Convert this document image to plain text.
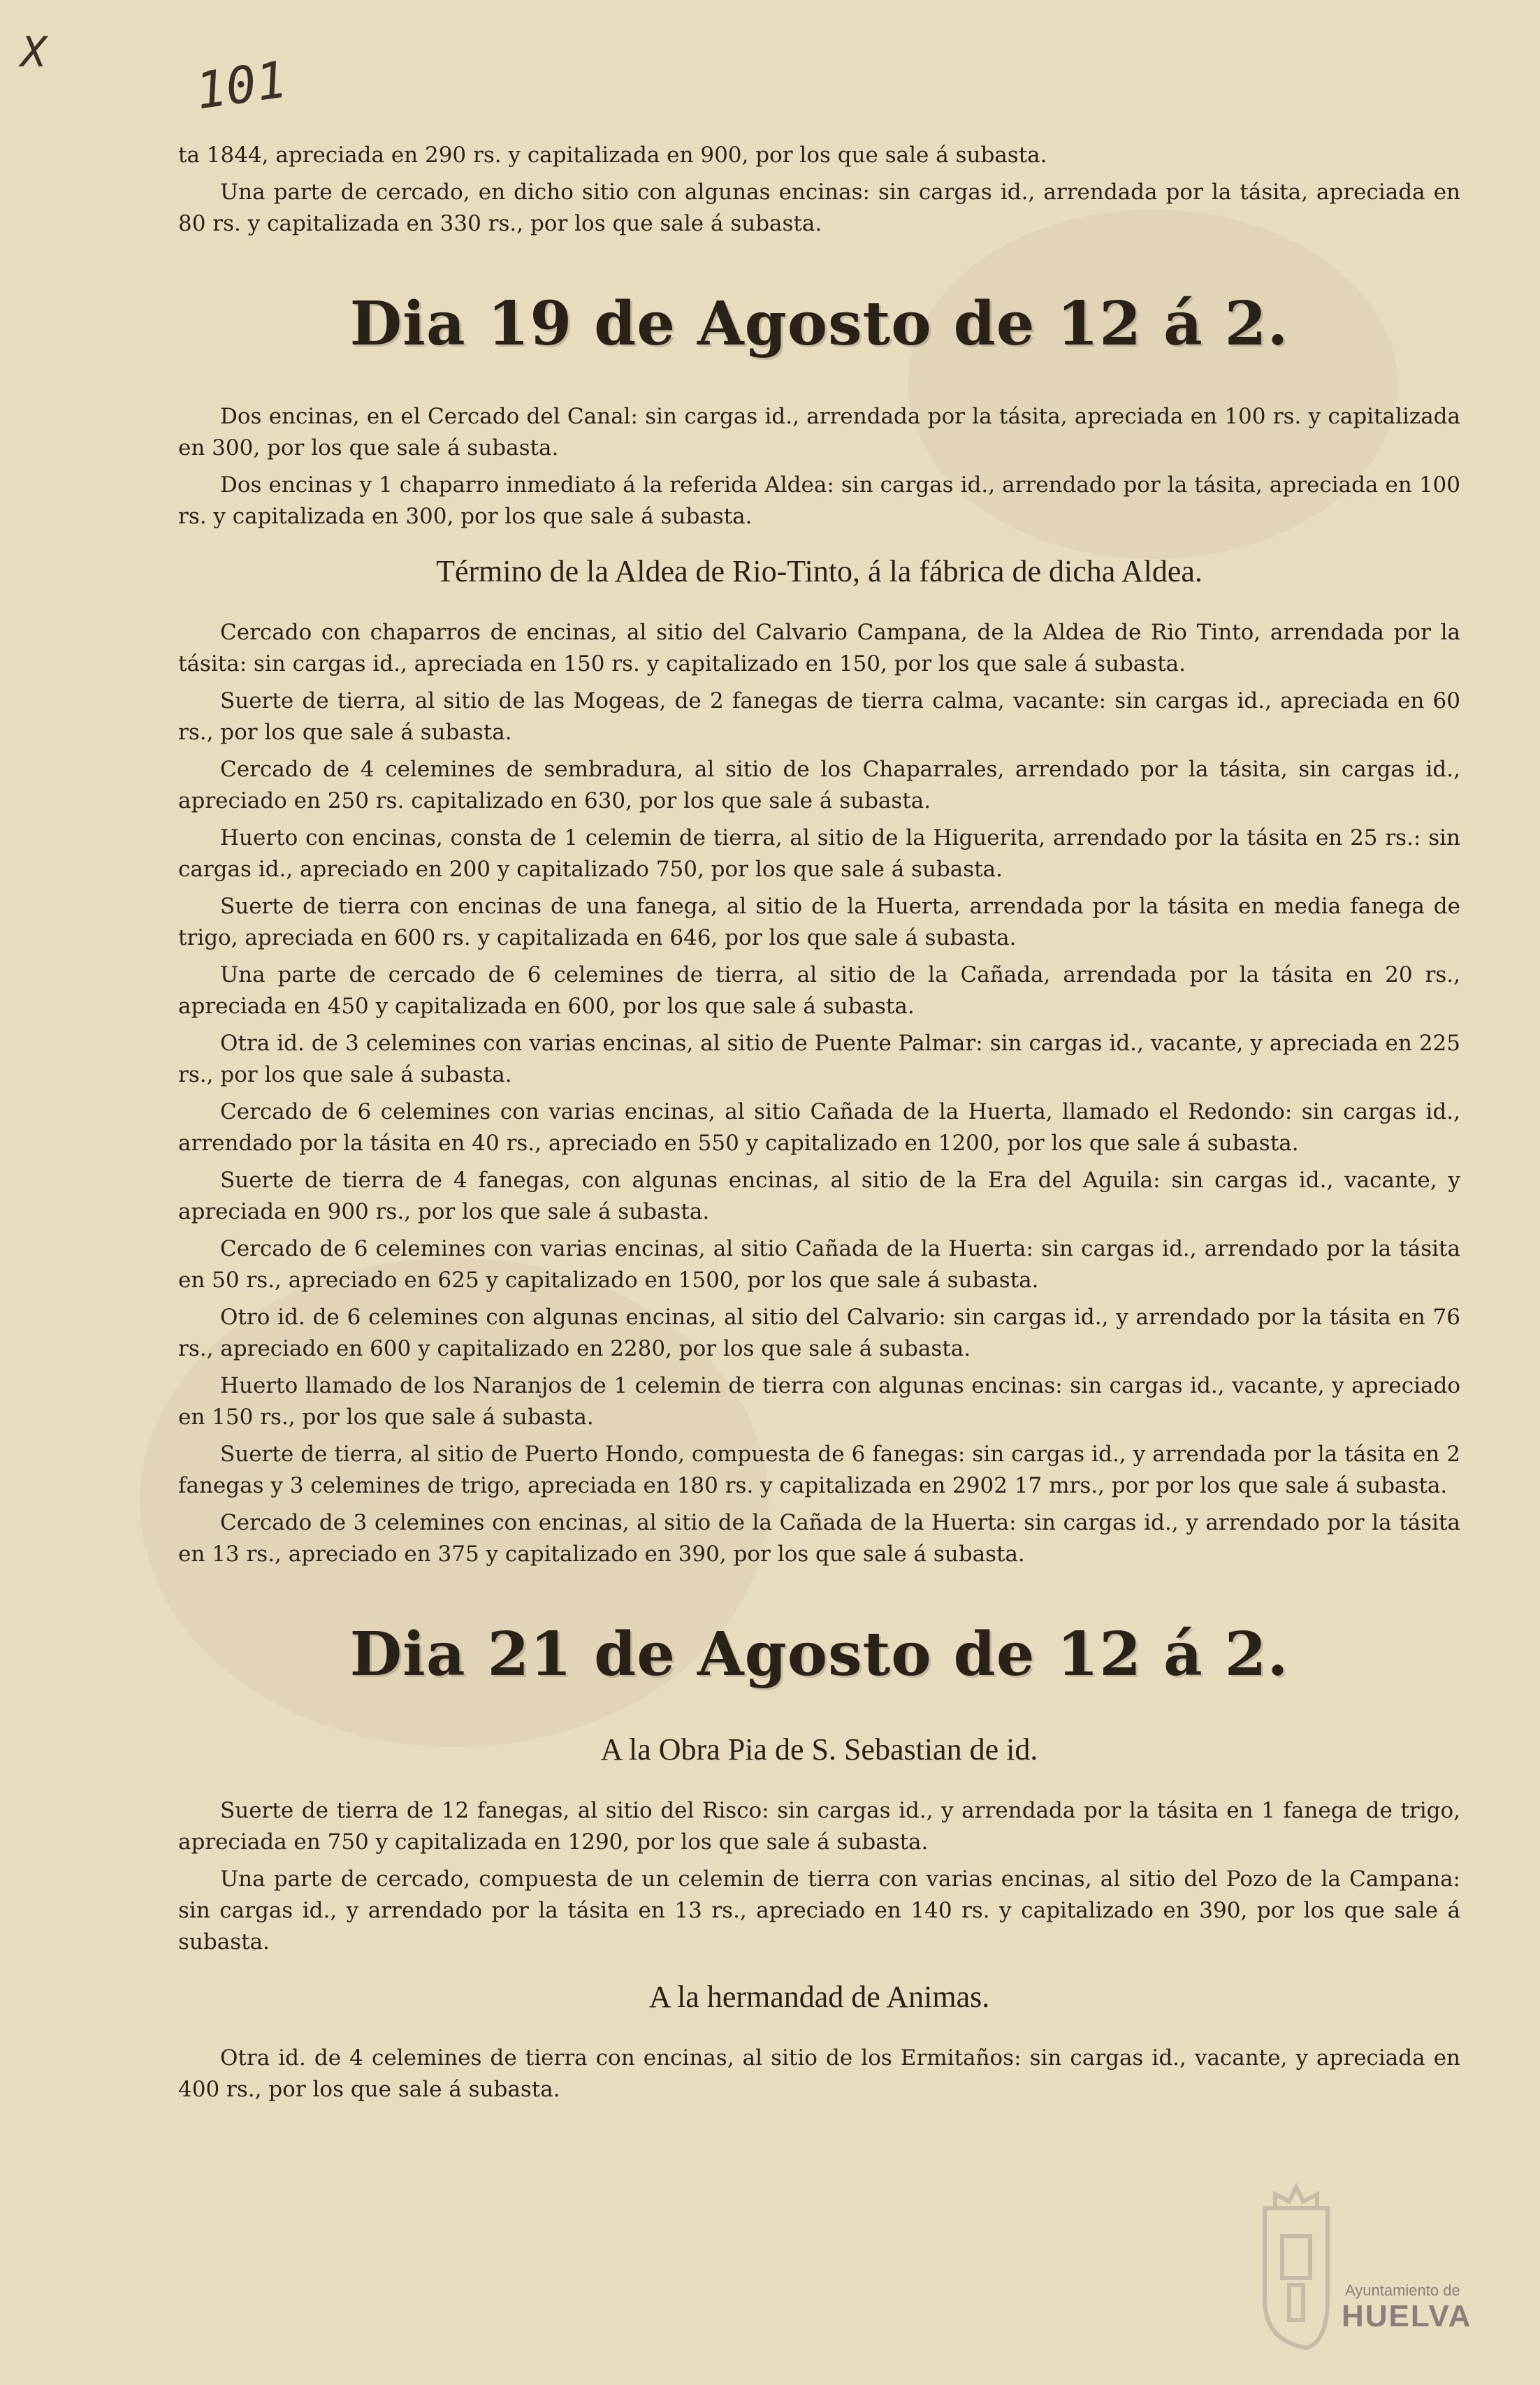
X	101

ta 1844, apreciada en 290 rs. y capitalizada en 900, por los que sale á subasta.

Una parte de cercado, en dicho sitio con algunas encinas: sin cargas id., arrendada por la tásita, apreciada en 80 rs. y capitalizada en 330 rs., por los que sale á subasta.

Dia 19 de Agosto de 12 á 2.

Dos encinas, en el Cercado del Canal: sin cargas id., arrendada por la tásita, apreciada en 100 rs. y capitalizada en 300, por los que sale á subasta.

Dos encinas y 1 chaparro inmediato á la referida Aldea: sin cargas id., arrendado por la tásita, apreciada en 100 rs. y capitalizada en 300, por los que sale á subasta.

Término de la Aldea de Rio-Tinto, á la fábrica de dicha Aldea.

Cercado con chaparros de encinas, al sitio del Calvario Campana, de la Aldea de Rio Tinto, arrendada por la tásita: sin cargas id., apreciada en 150 rs. y capitalizado en 150, por los que sale á subasta.

Suerte de tierra, al sitio de las Mogeas, de 2 fanegas de tierra calma, vacante: sin cargas id., apreciada en 60 rs., por los que sale á subasta.

Cercado de 4 celemines de sembradura, al sitio de los Chaparrales, arrendado por la tásita, sin cargas id., apreciado en 250 rs. capitalizado en 630, por los que sale á subasta.

Huerto con encinas, consta de 1 celemin de tierra, al sitio de la Higuerita, arrendado por la tásita en 25 rs.: sin cargas id., apreciado en 200 y capitalizado 750, por los que sale á subasta.

Suerte de tierra con encinas de una fanega, al sitio de la Huerta, arrendada por la tásita en media fanega de trigo, apreciada en 600 rs. y capitalizada en 646, por los que sale á subasta.

Una parte de cercado de 6 celemines de tierra, al sitio de la Cañada, arrendada por la tásita en 20 rs., apreciada en 450 y capitalizada en 600, por los que sale á subasta.

Otra id. de 3 celemines con varias encinas, al sitio de Puente Palmar: sin cargas id., vacante, y apreciada en 225 rs., por los que sale á subasta.

Cercado de 6 celemines con varias encinas, al sitio Cañada de la Huerta, llamado el Redondo: sin cargas id., arrendado por la tásita en 40 rs., apreciado en 550 y capitalizado en 1200, por los que sale á subasta.

Suerte de tierra de 4 fanegas, con algunas encinas, al sitio de la Era del Aguila: sin cargas id., vacante, y apreciada en 900 rs., por los que sale á subasta.

Cercado de 6 celemines con varias encinas, al sitio Cañada de la Huerta: sin cargas id., arrendado por la tásita en 50 rs., apreciado en 625 y capitalizado en 1500, por los que sale á subasta.

Otro id. de 6 celemines con algunas encinas, al sitio del Calvario: sin cargas id., y arrendado por la tásita en 76 rs., apreciado en 600 y capitalizado en 2280, por los que sale á subasta.

Huerto llamado de los Naranjos de 1 celemin de tierra con algunas encinas: sin cargas id., vacante, y apreciado en 150 rs., por los que sale á subasta.

Suerte de tierra, al sitio de Puerto Hondo, compuesta de 6 fanegas: sin cargas id., y arrendada por la tásita en 2 fanegas y 3 celemines de trigo, apreciada en 180 rs. y capitalizada en 2902 17 mrs., por por los que sale á subasta.

Cercado de 3 celemines con encinas, al sitio de la Cañada de la Huerta: sin cargas id., y arrendado por la tásita en 13 rs., apreciado en 375 y capitalizado en 390, por los que sale á subasta.

Dia 21 de Agosto de 12 á 2.
A la Obra Pia de S. Sebastian de id.

Suerte de tierra de 12 fanegas, al sitio del Risco: sin cargas id., y arrendada por la tásita en 1 fanega de trigo, apreciada en 750 y capitalizada en 1290, por los que sale á subasta.

Una parte de cercado, compuesta de un celemin de tierra con varias encinas, al sitio del Pozo de la Campana: sin cargas id., y arrendado por la tásita en 13 rs., apreciado en 140 rs. y capitalizado en 390, por los que sale á subasta.

A la hermandad de Animas.

Otra id. de 4 celemines de tierra con encinas, al sitio de los Ermitaños: sin cargas id., vacante, y apreciada en 400 rs., por los que sale á subasta.

Ayuntamiento de
HUELVA
